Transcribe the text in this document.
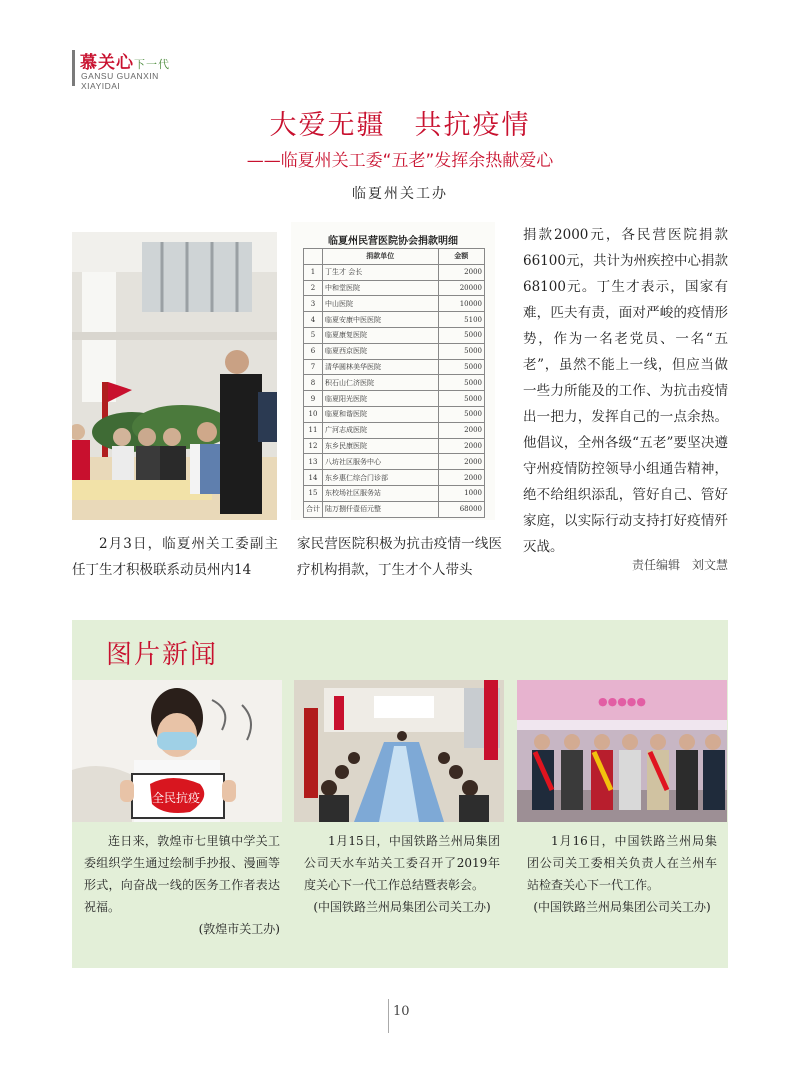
慕关心下一代
GANSU GUANXIN
XIAYIDAI
大爱无疆　共抗疫情
——临夏州关工委“五老”发挥余热献爱心
临夏州关工办
临夏州民营医院协会捐款明细
	捐款单位	金额
1	丁生才 会长	2000
2	中和堂医院	20000
3	中山医院	10000
4	临夏安康中医医院	5100
5	临夏康复医院	5000
6	临夏西京医院	5000
7	清华圆林美华医院	5000
8	积石山仁济医院	5000
9	临夏阳光医院	5000
10	临夏和谐医院	5000
11	广河志成医院	2000
12	东乡民康医院	2000
13	八坊社区服务中心	2000
14	东乡惠仁综合门诊部	2000
15	东校场社区服务站	1000
合计	陆万捌仟壹佰元整	68000
2月3日，临夏州关工委副主任丁生才积极联系动员州内14
家民营医院积极为抗击疫情一线医疗机构捐款，丁生才个人带头
捐款2000元，各民营医院捐款66100元，共计为州疾控中心捐款68100元。丁生才表示，国家有难，匹夫有责，面对严峻的疫情形势，作为一名老党员、一名“五老”，虽然不能上一线，但应当做一些力所能及的工作、为抗击疫情出一把力，发挥自己的一点余热。他倡议，全州各级“五老”要坚决遵守州疫情防控领导小组通告精神，绝不给组织添乱，管好自己、管好家庭，以实际行动支持打好疫情歼灭战。
责任编辑 刘文慧
图片新闻
全民抗疫
●●●●●
连日来，敦煌市七里镇中学关工委组织学生通过绘制手抄报、漫画等形式，向奋战一线的医务工作者表达祝福。
(敦煌市关工办)
1月15日，中国铁路兰州局集团公司天水车站关工委召开了2019年度关心下一代工作总结暨表彰会。
(中国铁路兰州局集团公司关工办)
1月16日，中国铁路兰州局集团公司关工委相关负责人在兰州车站检查关心下一代工作。
(中国铁路兰州局集团公司关工办)
10
